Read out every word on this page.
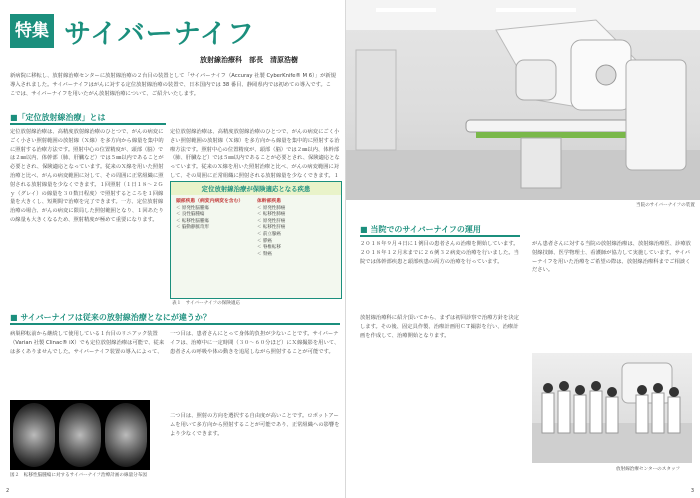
特集 サイバーナイフ
放射線治療科　部長　清原浩樹

新病院に移転し、放射線治療センターに放射線治療の２台目の装置として「サイバーナイフ（Accuray 社製 CyberKnife® M 6）」が新規導入されました。サイバーナイフはがんに対する定位放射線治療の装置で、日本国内では 38 番目、静岡県内では初めての導入です。ここでは、サイバーナイフを用いたがん放射線治療について、ご紹介いたします。

■「定位放射線治療」とは

定位放射線治療は、高精度放射線治療のひとつで、がんの病変にごく小さい照射範囲の放射線（Ｘ線）を多方向から線量を集中的に照射する治療方法です。照射中心の位置精度が、頭部（脳）では２㎜以内、体幹部（肺、肝臓など）では５㎜以内であることが必要とされ、保険適応となっています。従来のＸ線を用いた照射治療と比べ、がんの病変範囲に対して、その周囲に正常組織に照射される放射線量を少なくできます。１回照射（１日１８～２Ｇｙ（グレイ）の線量を３０数日程度）で照射するところを１回線量を大きくし、短期間で治療を完了できます。一方、定位放射線治療の場合、がんの病変に限局した照射範囲となり、１回あたりの線量も大きくなるため、照射精度が極めて重要になります。

定位放射線治療は、高精度放射線治療のひとつで、がんの病変にごく小さい照射範囲の放射線（Ｘ線）を多方向から線量を集中的に照射する治療方法です。照射中心の位置精度が、頭部（脳）では２㎜以内、体幹部（肺、肝臓など）では５㎜以内であることが必要とされ、保険適応となっています。従来のＸ線を用いた照射治療と比べ、がんの病変範囲に対して、その周囲に正常組織に照射される放射線量を少なくできます。１

定位放射線治療が保険適応となる疾患
頭部疾患（病変内病変を含む）
＜ 原発性脳腫瘍
＜ 良性脳腫瘍
＜ 転移性脳腫瘍
＜ 脳動静脈奇形
体幹部疾患
＜ 原発性肺癌
＜ 転移性肺癌
＜ 原発性肝癌
＜ 転移性肝癌
＜ 前立腺癌
＜ 膵癌
＜ 脊椎転移
＜ 腎癌
表１　サイバーナイフの保険適応
■ サイバーナイフは従来の放射線治療となにが違うか？

病巣移転前から継続して使用している１台目のリニアック装置（Varian 社製 Clinac® iX）でも定位放射線治療は可能で、従来は多くありませんでした。サイバーナイフ装置の導入によって、

図２　転移性脳腫瘍に対するサイバーナイフ治療計画の線量分布図

一つ目は、患者さんにとって身体的負担が少ないことです。サイバーナイフは、治療中に一定時間（３０～６０分ほど）にＸ線撮影を用いて、患者さんの呼吸や体の動きを追尾しながら照射することが可能です。

二つ目は、照射の方向を選択する自由度が高いことです。ロボットアームを用いて多方向から照射することが可能であり、正常組織への影響をより少なくできます。

2
当院のサイバーナイフの装置
■ 当院でのサイバーナイフの運用

２０１８年９月４日に１例目の患者さんの治療を開始しています。２０１８年１２月末までに２６例３２病変の治療を行いました。当院では体幹部疾患と頭部疾患の両方の治療を行っています。

放射線治療科に紹介頂いてから、まずは初回診察で治療方針を決定します。その後、固定具作製、治療計画用ＣＴ撮影を行い、治療計画を作成して、治療開始となります。

がん患者さんに対する当院の放射線治療は、放射線治療医、診療放射線技師、医学物理士、看護師が協力して実施しています。サイバーナイフを用いた治療をご希望の際は、放射線治療科までご相談ください。

放射線治療センターのスタッフ
3
